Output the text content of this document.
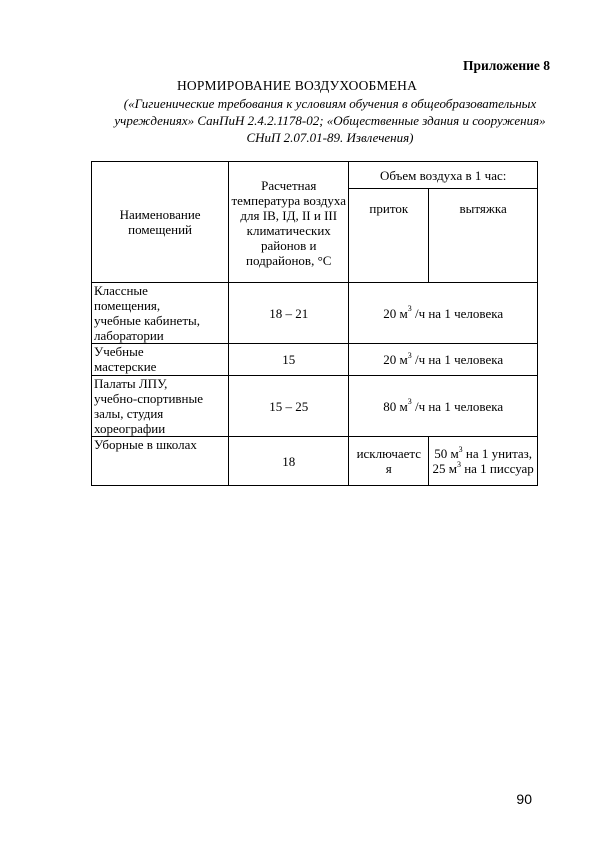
Приложение 8
НОРМИРОВАНИЕ ВОЗДУХООБМЕНА
(«Гигиенические требования к условиям обучения в общеобразовательных
учреждениях» СанПиН 2.4.2.1178-02; «Общественные здания и сооружения»
СНиП 2.07.01-89. Извлечения)
Наименование помещений	Расчетная температура воздуха для IВ, IД, II и III климатических районов и подрайонов, °С	Объем воздуха в 1 час:	
		приток	вытяжка

Классные
помещения,
учебные кабинеты,
лаборатории	18 – 21	20 $м^3$ /ч на 1 человека	

Учебные
мастерские	15	20 $м^3$ /ч на 1 человека	

Палаты ЛПУ,
учебно-спортивные
залы, студия
хореографии	15 – 25	80 $м^3$ /ч на 1 человека	

Уборные в школах	18	исключается	50 $м^3$ на 1 унитаз, 25 $м^3$ на 1 писсуар
90
